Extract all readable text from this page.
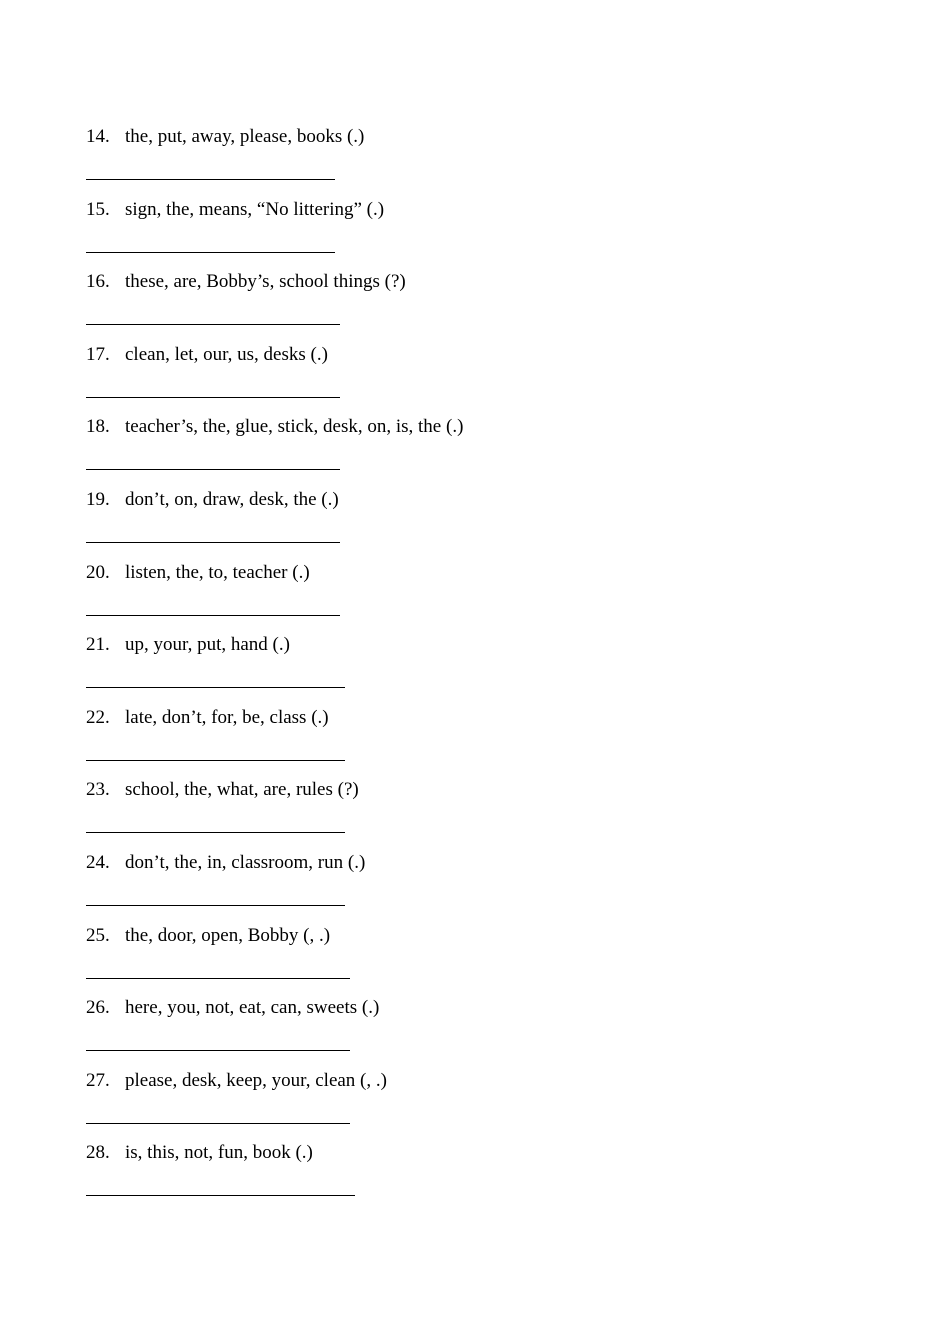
14. the, put, away, please, books (.)
15. sign, the, means, “No littering” (.)
16. these, are, Bobby’s, school things (?)
17. clean, let, our, us, desks (.)
18. teacher’s, the, glue, stick, desk, on, is, the (.)
19. don’t, on, draw, desk, the (.)
20. listen, the, to, teacher (.)
21. up, your, put, hand (.)
22. late, don’t, for, be, class (.)
23. school, the, what, are, rules (?)
24. don’t, the, in, classroom, run (.)
25. the, door, open, Bobby (, .)
26. here, you, not, eat, can, sweets (.)
27. please, desk, keep, your, clean (, .)
28. is, this, not, fun, book (.)
